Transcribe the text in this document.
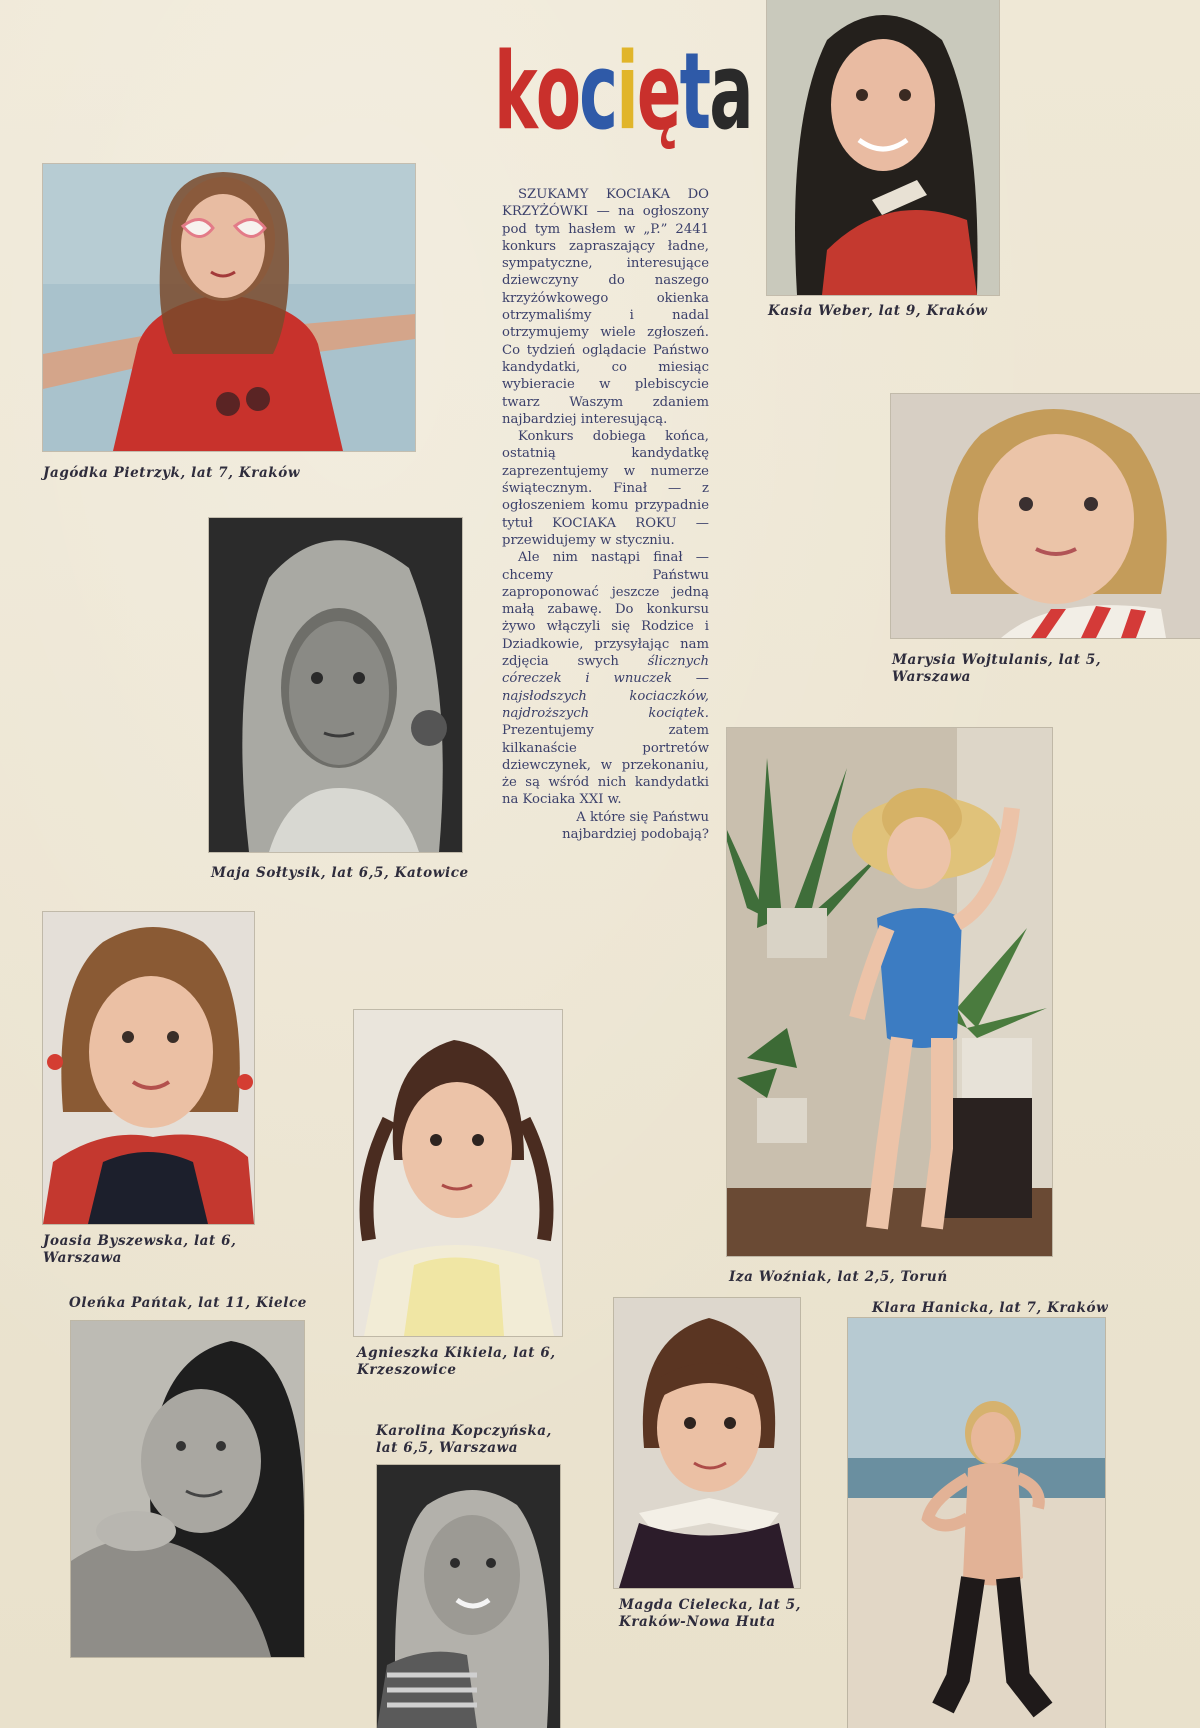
kocięta

SZUKAMY KOCIAKA DO KRZYŻÓWKI — na ogłoszony pod tym hasłem w „P.” 2441 konkurs zapraszający ładne, sympatyczne, interesujące dziewczyny do naszego krzyżówkowego okienka otrzymaliśmy i nadal otrzymujemy wiele zgłoszeń. Co tydzień oglądacie Państwo kandydatki, co miesiąc wybieracie w plebiscycie twarz Waszym zdaniem najbardziej interesującą.

Konkurs dobiega końca, ostatnią kandydatkę zaprezentujemy w numerze świątecznym. Finał — z ogłoszeniem komu przypadnie tytuł KOCIAKA ROKU — przewidujemy w styczniu.

Ale nim nastąpi finał — chcemy Państwu zaproponować jeszcze jedną małą zabawę. Do konkursu żywo włączyli się Rodzice i Dziadkowie, przysyłając nam zdjęcia swych ślicznych córeczek i wnuczek — najsłodszych kociaczków, najdroższych kociątek. Prezentujemy zatem kilkanaście portretów dziewczynek, w przekonaniu, że są wśród nich kandydatki na Kociaka XXI w.

A które się Państwu najbardziej podobają?

Jagódka Pietrzyk, lat 7, Kraków
Kasia Weber, lat 9, Kraków
Maja Sołtysik, lat 6,5, Katowice
Marysia Wojtulanis, lat 5,
Warszawa
Iza Woźniak, lat 2,5, Toruń
Joasia Byszewska, lat 6,
Warszawa
Agnieszka Kikiela, lat 6,
Krzeszowice
Oleńka Pańtak, lat 11, Kielce
Karolina Kopczyńska,
lat 6,5, Warszawa
Magda Cielecka, lat 5,
Kraków-Nowa Huta
Klara Hanicka, lat 7, Kraków
